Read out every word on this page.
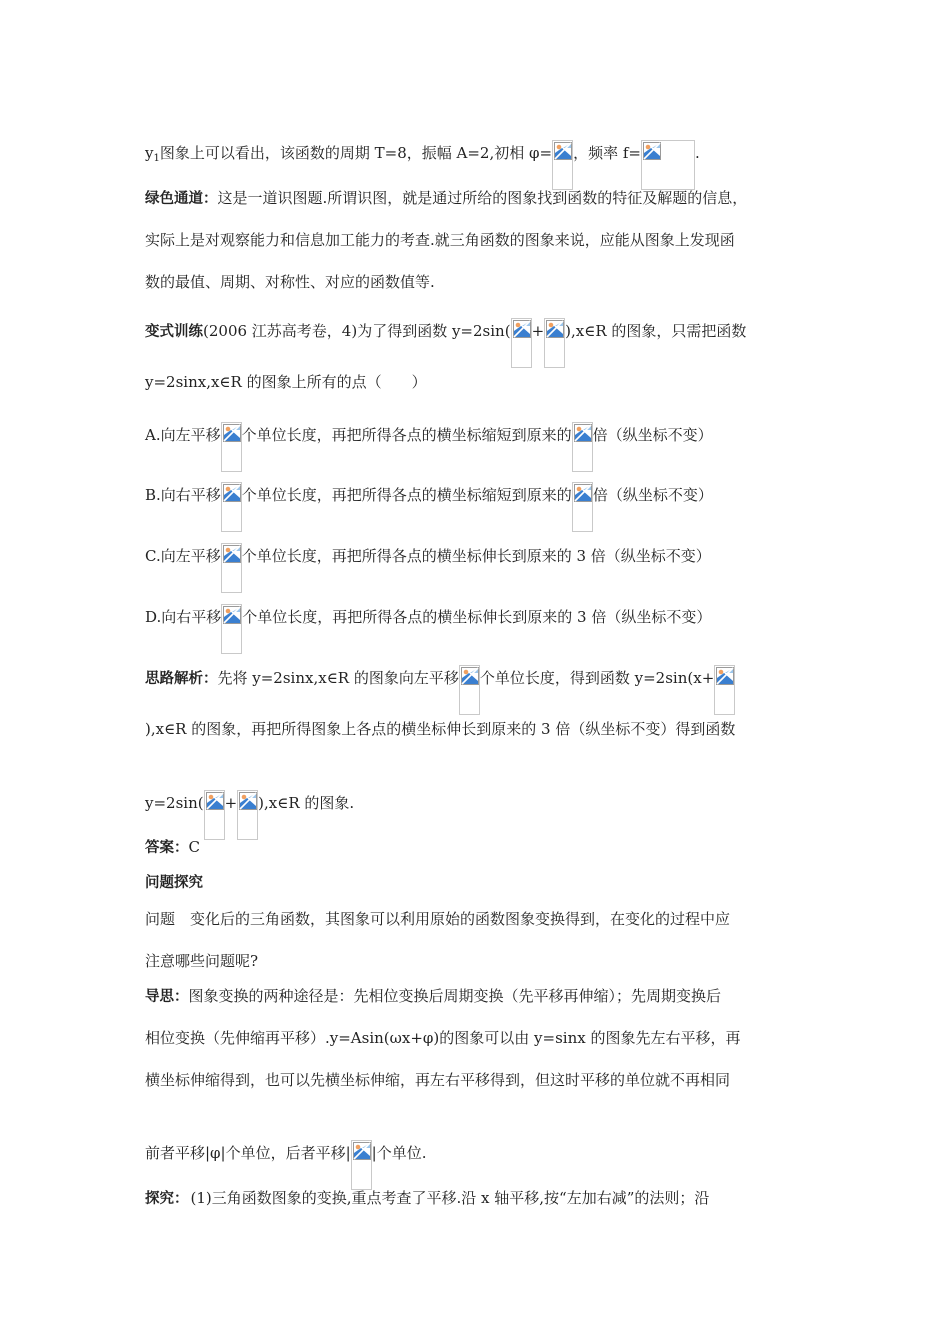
$y_1$图象上可以看出，该函数的周期 T=8，振幅 A=2,初相 φ= ，频率 f=	.
绿色通道：这是一道识图题.所谓识图，就是通过所给的图象找到函数的特征及解题的信息，
实际上是对观察能力和信息加工能力的考查.就三角函数的图象来说，应能从图象上发现函
数的最值、周期、对称性、对应的函数值等.
变式训练(2006 江苏高考卷，4)为了得到函数 y=2sin( + ),x∈R 的图象，只需把函数
y=2sinx,x∈R 的图象上所有的点（　　）
A.向左平移 个单位长度，再把所得各点的横坐标缩短到原来的 倍（纵坐标不变）
B.向右平移 个单位长度，再把所得各点的横坐标缩短到原来的 倍（纵坐标不变）
C.向左平移 个单位长度，再把所得各点的横坐标伸长到原来的 3 倍（纵坐标不变）
D.向右平移 个单位长度，再把所得各点的横坐标伸长到原来的 3 倍（纵坐标不变）
思路解析：先将 y=2sinx,x∈R 的图象向左平移 个单位长度，得到函数 y=2sin(x+
),x∈R 的图象，再把所得图象上各点的横坐标伸长到原来的 3 倍（纵坐标不变）得到函数
y=2sin( + ),x∈R 的图象.
答案：C
问题探究
问题　变化后的三角函数，其图象可以利用原始的函数图象变换得到，在变化的过程中应
注意哪些问题呢?
导思：图象变换的两种途径是：先相位变换后周期变换（先平移再伸缩）；先周期变换后
相位变换（先伸缩再平移）.y=Asin(ωx+φ)的图象可以由 y=sinx 的图象先左右平移，再
横坐标伸缩得到，也可以先横坐标伸缩，再左右平移得到，但这时平移的单位就不再相同
前者平移|φ|个单位，后者平移| |个单位.
探究： (1)三角函数图象的变换,重点考查了平移.沿 x 轴平移,按“左加右减”的法则；沿
